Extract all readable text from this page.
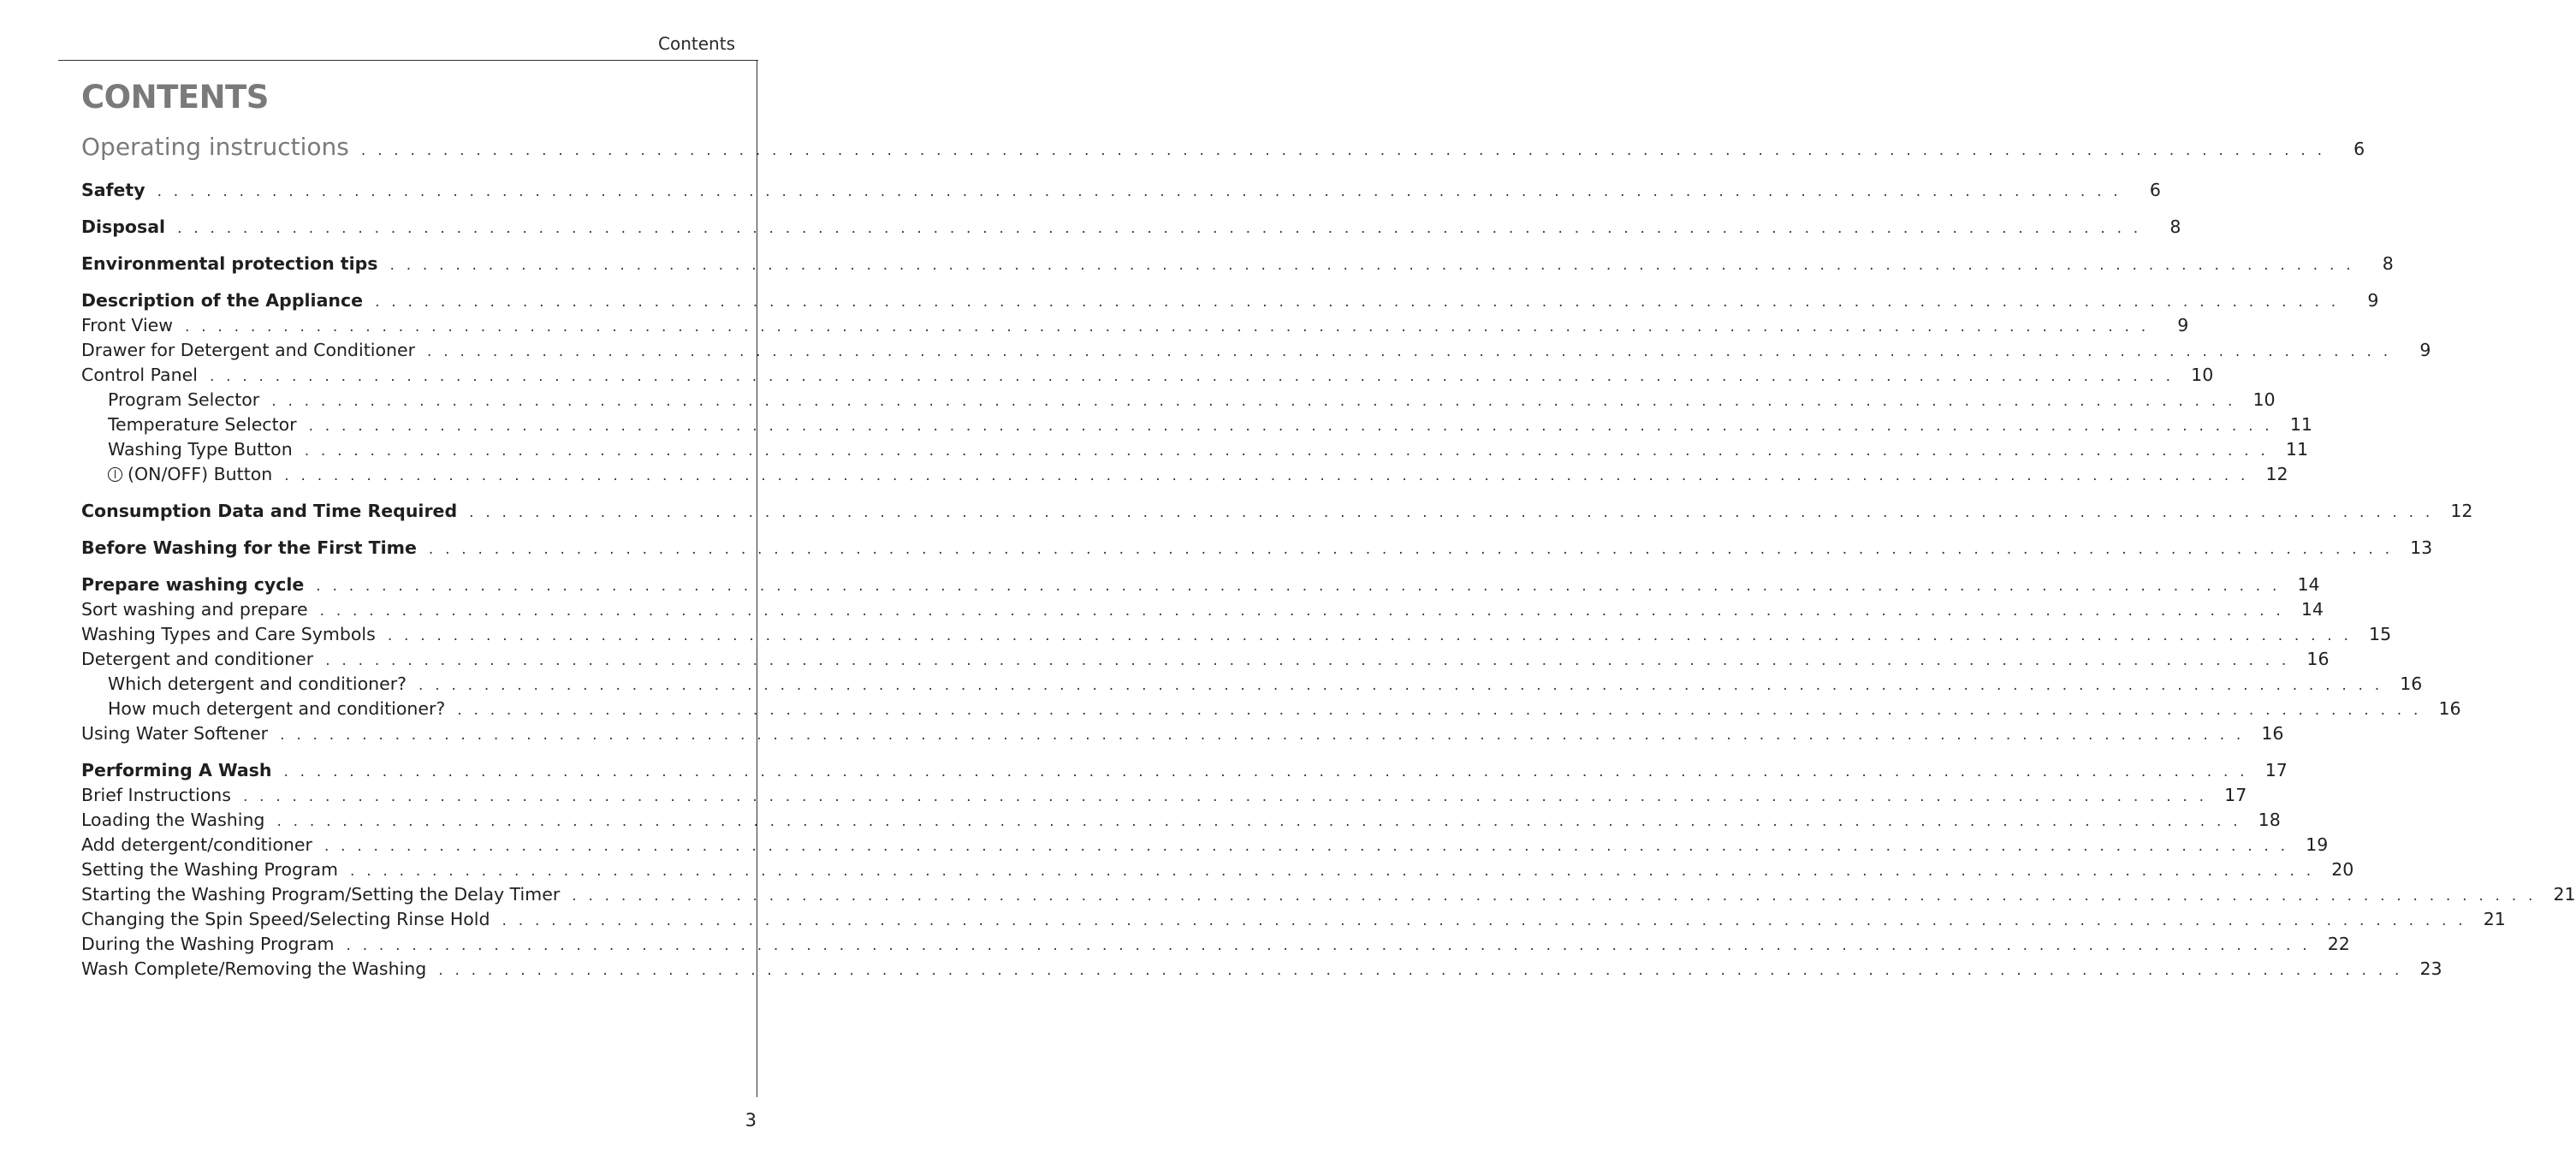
Contents
CONTENTS
Operating instructions . . . . . . . . . . . . . . . . . . . . . . . . . . . . . . . . . . . . . . . . . . . . . . . . . . . . . . . . . . . . . . . . . . . . . . . . . . . . . . . . . . . . . . . . . . . . . . . . . . . . . . . . . . . . . . . . . . . . . . . .	6
Safety . . . . . . . . . . . . . . . . . . . . . . . . . . . . . . . . . . . . . . . . . . . . . . . . . . . . . . . . . . . . . . . . . . . . . . . . . . . . . . . . . . . . . . . . . . . . . . . . . . . . . . . . . . . . . . . . . . . . . . . .	6
Disposal . . . . . . . . . . . . . . . . . . . . . . . . . . . . . . . . . . . . . . . . . . . . . . . . . . . . . . . . . . . . . . . . . . . . . . . . . . . . . . . . . . . . . . . . . . . . . . . . . . . . . . . . . . . . . . . . . . . . . . . .	8
Environmental protection tips . . . . . . . . . . . . . . . . . . . . . . . . . . . . . . . . . . . . . . . . . . . . . . . . . . . . . . . . . . . . . . . . . . . . . . . . . . . . . . . . . . . . . . . . . . . . . . . . . . . . . . . . . . . . . . . . . . . . . . . .	8
Description of the Appliance . . . . . . . . . . . . . . . . . . . . . . . . . . . . . . . . . . . . . . . . . . . . . . . . . . . . . . . . . . . . . . . . . . . . . . . . . . . . . . . . . . . . . . . . . . . . . . . . . . . . . . . . . . . . . . . . . . . . . . . .	9
Front View . . . . . . . . . . . . . . . . . . . . . . . . . . . . . . . . . . . . . . . . . . . . . . . . . . . . . . . . . . . . . . . . . . . . . . . . . . . . . . . . . . . . . . . . . . . . . . . . . . . . . . . . . . . . . . . . . . . . . . . .	9
Drawer for Detergent and Conditioner . . . . . . . . . . . . . . . . . . . . . . . . . . . . . . . . . . . . . . . . . . . . . . . . . . . . . . . . . . . . . . . . . . . . . . . . . . . . . . . . . . . . . . . . . . . . . . . . . . . . . . . . . . . . . . . . . . . . . . . .	9
Control Panel . . . . . . . . . . . . . . . . . . . . . . . . . . . . . . . . . . . . . . . . . . . . . . . . . . . . . . . . . . . . . . . . . . . . . . . . . . . . . . . . . . . . . . . . . . . . . . . . . . . . . . . . . . . . . . . . . . . . . . . . 10
Program Selector . . . . . . . . . . . . . . . . . . . . . . . . . . . . . . . . . . . . . . . . . . . . . . . . . . . . . . . . . . . . . . . . . . . . . . . . . . . . . . . . . . . . . . . . . . . . . . . . . . . . . . . . . . . . . . . . . . . . . . . . 10
Temperature Selector . . . . . . . . . . . . . . . . . . . . . . . . . . . . . . . . . . . . . . . . . . . . . . . . . . . . . . . . . . . . . . . . . . . . . . . . . . . . . . . . . . . . . . . . . . . . . . . . . . . . . . . . . . . . . . . . . . . . . . . . 11
Washing Type Button . . . . . . . . . . . . . . . . . . . . . . . . . . . . . . . . . . . . . . . . . . . . . . . . . . . . . . . . . . . . . . . . . . . . . . . . . . . . . . . . . . . . . . . . . . . . . . . . . . . . . . . . . . . . . . . . . . . . . . . . 11
(ON/OFF) Button . . . . . . . . . . . . . . . . . . . . . . . . . . . . . . . . . . . . . . . . . . . . . . . . . . . . . . . . . . . . . . . . . . . . . . . . . . . . . . . . . . . . . . . . . . . . . . . . . . . . . . . . . . . . . . . . . . . . . . . . 12
Consumption Data and Time Required . . . . . . . . . . . . . . . . . . . . . . . . . . . . . . . . . . . . . . . . . . . . . . . . . . . . . . . . . . . . . . . . . . . . . . . . . . . . . . . . . . . . . . . . . . . . . . . . . . . . . . . . . . . . . . . . . . . . . . . . 12
Before Washing for the First Time . . . . . . . . . . . . . . . . . . . . . . . . . . . . . . . . . . . . . . . . . . . . . . . . . . . . . . . . . . . . . . . . . . . . . . . . . . . . . . . . . . . . . . . . . . . . . . . . . . . . . . . . . . . . . . . . . . . . . . . . 13
Prepare washing cycle . . . . . . . . . . . . . . . . . . . . . . . . . . . . . . . . . . . . . . . . . . . . . . . . . . . . . . . . . . . . . . . . . . . . . . . . . . . . . . . . . . . . . . . . . . . . . . . . . . . . . . . . . . . . . . . . . . . . . . . . 14
Sort washing and prepare . . . . . . . . . . . . . . . . . . . . . . . . . . . . . . . . . . . . . . . . . . . . . . . . . . . . . . . . . . . . . . . . . . . . . . . . . . . . . . . . . . . . . . . . . . . . . . . . . . . . . . . . . . . . . . . . . . . . . . . . 14
Washing Types and Care Symbols . . . . . . . . . . . . . . . . . . . . . . . . . . . . . . . . . . . . . . . . . . . . . . . . . . . . . . . . . . . . . . . . . . . . . . . . . . . . . . . . . . . . . . . . . . . . . . . . . . . . . . . . . . . . . . . . . . . . . . . . 15
Detergent and conditioner . . . . . . . . . . . . . . . . . . . . . . . . . . . . . . . . . . . . . . . . . . . . . . . . . . . . . . . . . . . . . . . . . . . . . . . . . . . . . . . . . . . . . . . . . . . . . . . . . . . . . . . . . . . . . . . . . . . . . . . . 16
Which detergent and conditioner? . . . . . . . . . . . . . . . . . . . . . . . . . . . . . . . . . . . . . . . . . . . . . . . . . . . . . . . . . . . . . . . . . . . . . . . . . . . . . . . . . . . . . . . . . . . . . . . . . . . . . . . . . . . . . . . . . . . . . . . . 16
How much detergent and conditioner? . . . . . . . . . . . . . . . . . . . . . . . . . . . . . . . . . . . . . . . . . . . . . . . . . . . . . . . . . . . . . . . . . . . . . . . . . . . . . . . . . . . . . . . . . . . . . . . . . . . . . . . . . . . . . . . . . . . . . . . . 16
Using Water Softener . . . . . . . . . . . . . . . . . . . . . . . . . . . . . . . . . . . . . . . . . . . . . . . . . . . . . . . . . . . . . . . . . . . . . . . . . . . . . . . . . . . . . . . . . . . . . . . . . . . . . . . . . . . . . . . . . . . . . . . . 16
Performing A Wash . . . . . . . . . . . . . . . . . . . . . . . . . . . . . . . . . . . . . . . . . . . . . . . . . . . . . . . . . . . . . . . . . . . . . . . . . . . . . . . . . . . . . . . . . . . . . . . . . . . . . . . . . . . . . . . . . . . . . . . . 17
Brief Instructions . . . . . . . . . . . . . . . . . . . . . . . . . . . . . . . . . . . . . . . . . . . . . . . . . . . . . . . . . . . . . . . . . . . . . . . . . . . . . . . . . . . . . . . . . . . . . . . . . . . . . . . . . . . . . . . . . . . . . . . . 17
Loading the Washing . . . . . . . . . . . . . . . . . . . . . . . . . . . . . . . . . . . . . . . . . . . . . . . . . . . . . . . . . . . . . . . . . . . . . . . . . . . . . . . . . . . . . . . . . . . . . . . . . . . . . . . . . . . . . . . . . . . . . . . . 18
Add detergent/conditioner . . . . . . . . . . . . . . . . . . . . . . . . . . . . . . . . . . . . . . . . . . . . . . . . . . . . . . . . . . . . . . . . . . . . . . . . . . . . . . . . . . . . . . . . . . . . . . . . . . . . . . . . . . . . . . . . . . . . . . . . 19
Setting the Washing Program . . . . . . . . . . . . . . . . . . . . . . . . . . . . . . . . . . . . . . . . . . . . . . . . . . . . . . . . . . . . . . . . . . . . . . . . . . . . . . . . . . . . . . . . . . . . . . . . . . . . . . . . . . . . . . . . . . . . . . . . 20
Starting the Washing Program/Setting the Delay Timer . . . . . . . . . . . . . . . . . . . . . . . . . . . . . . . . . . . . . . . . . . . . . . . . . . . . . . . . . . . . . . . . . . . . . . . . . . . . . . . . . . . . . . . . . . . . . . . . . . . . . . . . . . . . . . . . . . . . . . . . 21
Changing the Spin Speed/Selecting Rinse Hold . . . . . . . . . . . . . . . . . . . . . . . . . . . . . . . . . . . . . . . . . . . . . . . . . . . . . . . . . . . . . . . . . . . . . . . . . . . . . . . . . . . . . . . . . . . . . . . . . . . . . . . . . . . . . . . . . . . . . . . . 21
During the Washing Program . . . . . . . . . . . . . . . . . . . . . . . . . . . . . . . . . . . . . . . . . . . . . . . . . . . . . . . . . . . . . . . . . . . . . . . . . . . . . . . . . . . . . . . . . . . . . . . . . . . . . . . . . . . . . . . . . . . . . . . . 22
Wash Complete/Removing the Washing . . . . . . . . . . . . . . . . . . . . . . . . . . . . . . . . . . . . . . . . . . . . . . . . . . . . . . . . . . . . . . . . . . . . . . . . . . . . . . . . . . . . . . . . . . . . . . . . . . . . . . . . . . . . . . . . . . . . . . . . 23
3
